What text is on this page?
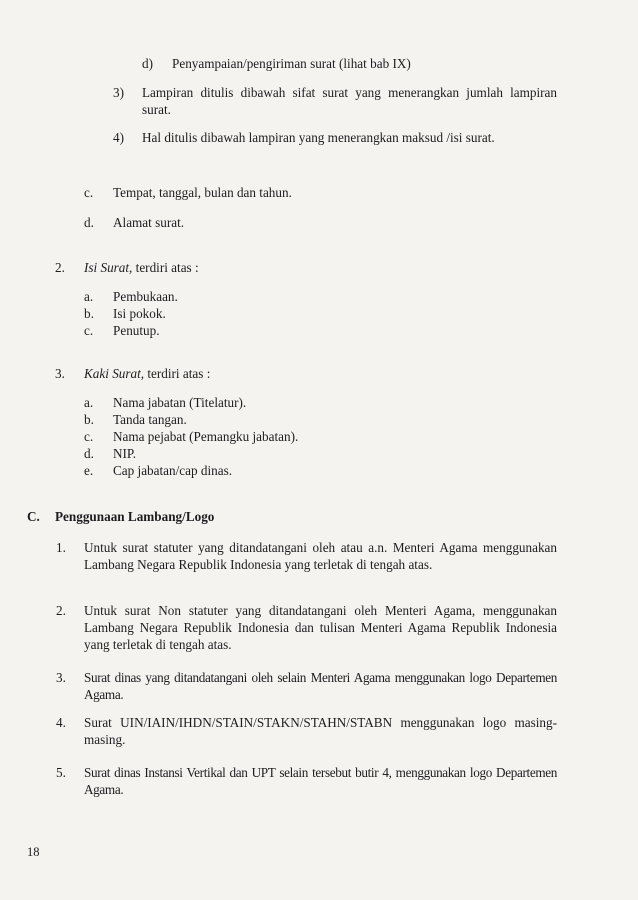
d) Penyampaian/pengiriman surat (lihat bab IX)
3) Lampiran ditulis dibawah sifat surat yang menerangkan jumlah lampiran surat.
4) Hal ditulis dibawah lampiran yang menerangkan maksud /isi surat.
c. Tempat, tanggal, bulan dan tahun.
d. Alamat surat.
2. Isi Surat, terdiri atas :
a. Pembukaan.
b. Isi pokok.
c. Penutup.
3. Kaki Surat, terdiri atas :
a. Nama jabatan (Titelatur).
b. Tanda tangan.
c. Nama pejabat (Pemangku jabatan).
d. NIP.
e. Cap jabatan/cap dinas.
C. Penggunaan Lambang/Logo
1. Untuk surat statuter yang ditandatangani oleh atau a.n. Menteri Agama menggunakan Lambang Negara Republik Indonesia yang terletak di tengah atas.
2. Untuk surat Non statuter yang ditandatangani oleh Menteri Agama, menggunakan Lambang Negara Republik Indonesia dan tulisan Menteri Agama Republik Indonesia yang terletak di tengah atas.
3. Surat dinas yang ditandatangani oleh selain Menteri Agama menggunakan logo Departemen Agama.
4. Surat UIN/IAIN/IHDN/STAIN/STAKN/STAHN/STABN menggunakan logo masing-masing.
5. Surat dinas Instansi Vertikal dan UPT selain tersebut butir 4, menggunakan logo Departemen Agama.
18
